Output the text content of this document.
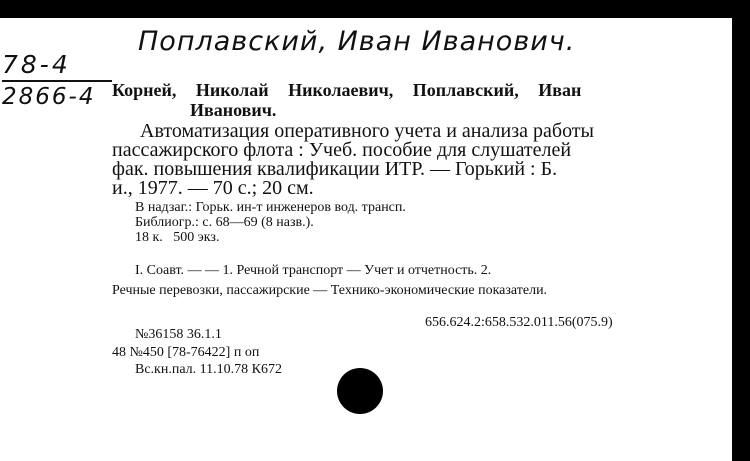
Поплавский, Иван Иванович.
78-4
2866-4 Корней, Николай Николаевич, Поплавский, Иван
Иванович.
Автоматизация оперативного учета и анализа работы
пассажирского флота : Учеб. пособие для слушателей
фак. повышения квалификации ИТР. — Горький : Б.
и., 1977. — 70 с.; 20 см.
В надзаг.: Горьк. ин-т инженеров вод. трансп.
Библиогр.: с. 68—69 (8 назв.).
18 к.   500 экз.
I. Соавт. — — 1. Речной транспорт — Учет и отчетность. 2.
Речные перевозки, пассажирские — Технико-экономические показатели.
656.624.2:658.532.011.56(075.9)
№36158 36.1.1
48 №450 [78-76422] п оп
Вс.кн.пал. 11.10.78 К672
